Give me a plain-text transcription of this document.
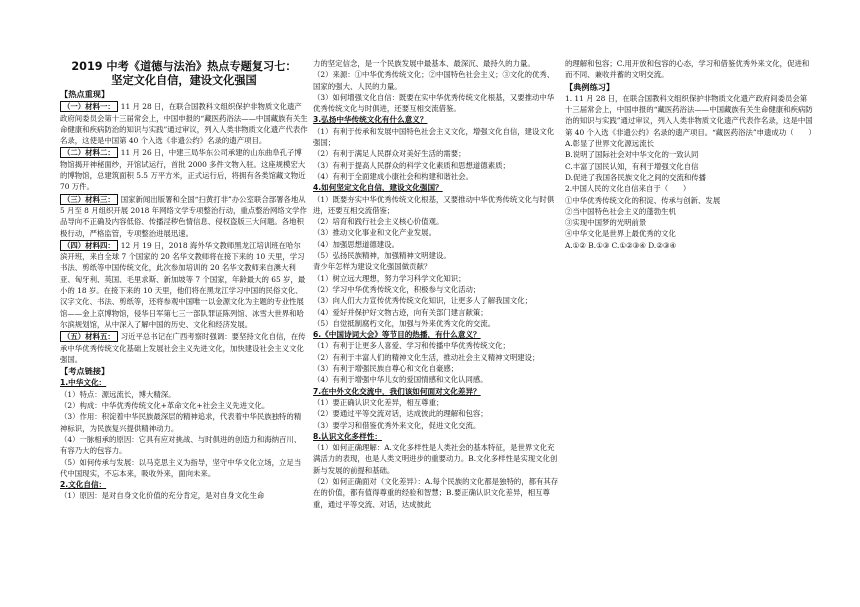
2019 中考《道德与法治》热点专题复习七：
坚定文化自信，建设文化强国
【热点重现】

（一）材料一： 11 月 28 日，在联合国教科文组织保护非物质文化遗产政府间委员会第十三届常会上，中国申报的“藏医药浴法——中国藏族有关生命健康和疾病防治的知识与实践”通过审议，列入人类非物质文化遗产代表作名录，这使是中国第 40 个入选《非遗公约》名录的遗产项目。

（二）材料二： 11 月 26 日，中建三局华东公司承建的山东曲阜孔子博物馆揭开神秘面纱，开馆试运行，首批 2000 多件文物入驻。这座规模宏大的博物馆，总建筑面积 5.5 万平方米，正式运行后，将拥有各类馆藏文物近 70 万件。

（三）材料三： 国家新闻出版署和全国“扫黄打非”办公室联合部署各地从 5 月至 8 月组织开展 2018 年网络文学专项整治行动，重点整治网络文学作品导向不正确及内容低俗、传播淫秽色情信息、侵权盗版三大问题。各地积极行动，严格监管，专项整治进展迅速。

（四）材料四： 12 月 19 日，2018 海外华文教师黑龙江培训班在哈尔滨开班，来自全球 7 个国家的 20 名华文教师将在接下来的 10 天里，学习书法、剪纸等中国传统文化，此次参加培训的 20 名华文教师来自澳大利亚、匈牙利、英国、毛里求斯、新加坡等 7 个国家，年龄最大的 65 岁，最小的 18 岁。在接下来的 10 天里，他们将在黑龙江学习中国的民俗文化、汉字文化、书法、剪纸等，还将参观中国唯一以金源文化为主题的专业性展馆——金上京博物馆，侵华日军第七三一部队罪证陈列馆、冰雪大世界和哈尔滨规划馆，从中深入了解中国的历史、文化和经济发展。

（五）材料五： 习近平总书记在广西考察时强调：要坚持文化自信，在传承中华优秀传统文化基础上发展社会主义先进文化，加快建设社会主义文化强国。

【考点链接】
1.中华文化：

（1）特点：源远流长，博大精深。

（2）构成：中华优秀传统文化+革命文化+社会主义先进文化。

（3）作用：积淀着中华民族最深层的精神追求，代表着中华民族独特的精神标识，为民族复兴提供精神动力。

（4）一脉相承的原因：它具有应对挑战、与时俱进的创造力和海纳百川、有容乃大的包容力。

（5）如何传承与发展：以马克思主义为指导，坚守中华文化立场，立足当代中国现实，不忘本来，吸收外来，面向未来。

2.文化自信：

（1）原因：是对自身文化价值的充分肯定，是对自身文化生命

力的坚定信念，是一个民族发展中最基本、最深沉、最持久的力量。

（2）来源：①中华优秀传统文化；②中国特色社会主义；③文化的优秀、国家的强大、人民的力量。

（3）如何增强文化自信：既要在实中华优秀传统文化根基，又要推动中华优秀传统文化与时俱进，还要互相交流借鉴。

3.弘扬中华传统文化有什么意义？

（1）有利于传承和发展中国特色社会主义文化，增强文化自信，建设文化强国；

（2）有利于满足人民群众对美好生活的需要；

（3）有利于提高人民群众的科学文化素质和思想道德素质；

（4）有利于全面建成小康社会和构建和谐社会。

4.如何坚定文化自信，建设文化强国？

（1）既要夯实中华优秀传统文化根基，又要推动中华优秀传统文化与时俱进，还要互相交流借鉴；

（2）培育和践行社会主义核心价值观。

（3）推动文化事业和文化产业发展。

（4）加强思想道德建设。

（5）弘扬民族精神，加强精神文明建设。

青少年怎样为建设文化强国做贡献？

（1）树立远大理想，努力学习科学文化知识；

（2）学习中华优秀传统文化，积极参与文化活动；

（3）向人们大力宣传优秀传统文化知识，让更多人了解我国文化；

（4）爱好并保护好文物古迹，向有关部门建言献策；

（5）自觉抵制腐朽文化，加强与外来优秀文化的交流。

6.《中国诗词大会》等节目的热播，有什么意义？

（1）有利于让更多人喜爱、学习和传播中华优秀传统文化；

（2）有利于丰富人们的精神文化生活，推动社会主义精神文明建设；

（3）有利于增强民族自尊心和文化自豪感；

（4）有利于增强中华儿女的爱国情感和文化认同感。

7.在中外文化交流中，我们该如何面对文化差异？

（1）要正确认识文化差异，相互尊重；

（2）要通过平等交流对话，达成彼此的理解和包容；

（3）要学习和借鉴优秀外来文化，促进文化交流。

8.认识文化多样性：

（1）如何正确理解：A.文化多样性是人类社会的基本特征，是世界文化充满活力的表现，也是人类文明进步的重要动力。B.文化多样性是实现文化创新与发展的前提和基础。

（2）如何正确面对（文化差异）：A.每个民族的文化都是独特的，都有其存在的价值，都有值得尊重的经验和智慧；B.要正确认识文化差异，相互尊重，通过平等交流、对话，达成彼此

的理解和包容；C.用开放和包容的心态，学习和借鉴优秀外来文化，促进和而不同、兼收并蓄的文明交流。

【典例练习】

1. 11 月 28 日，在联合国教科文组织保护非物质文化遗产政府间委员会第十三届常会上，中国申报的“藏医药浴法——中国藏族有关生命健康和疾病防治的知识与实践”通过审议，列入人类非物质文化遗产代表作名录，这是中国第 40 个入选《非遗公约》名录的遗产项目。“藏医药浴法”申遗成功（　　）

A.彰显了世界文化源远流长

B.说明了国际社会对中华文化的一致认同

C.丰富了国民认知，有利于增强文化自信

D.促进了我国各民族文化之间的交流和传播

2.中国人民的文化自信来自于（　　）

①中华优秀传统文化的积淀、传承与创新、发展

②当中国特色社会主义的蓬勃生机

③实现中国梦的光明前景

④中华文化是世界上最优秀的文化

A.①② B.①③ C.①②③④ D.②③④
